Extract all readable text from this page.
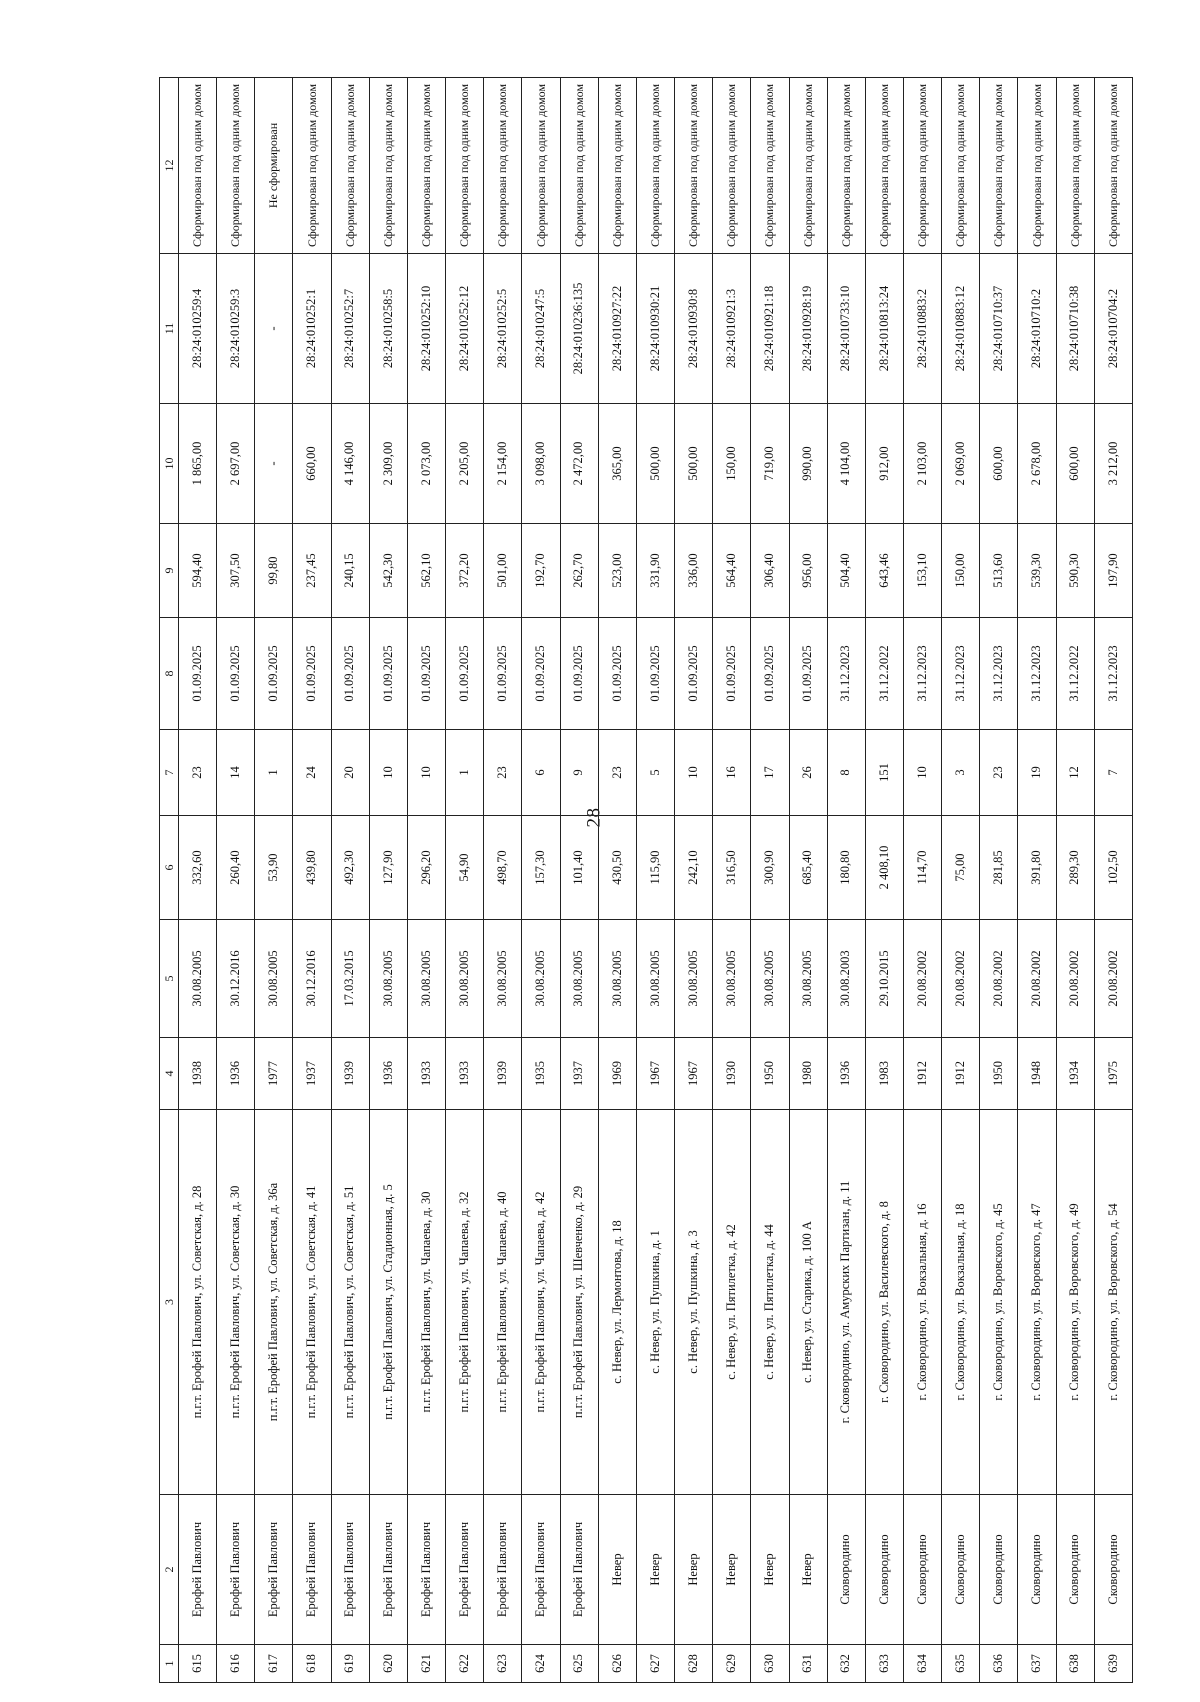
28
1	2	3	4	5	6	7	8	9	10	11	12
615	Ерофей Павлович	п.г.т. Ерофей Павлович, ул. Советская, д. 28	1938	30.08.2005	332,60	23	01.09.2025	594,40	1 865,00	28:24:010259:4	Сформирован под одним домом
616	Ерофей Павлович	п.г.т. Ерофей Павлович, ул. Советская, д. 30	1936	30.12.2016	260,40	14	01.09.2025	307,50	2 697,00	28:24:010259:3	Сформирован под одним домом
617	Ерофей Павлович	п.г.т. Ерофей Павлович, ул. Советская, д. 36а	1977	30.08.2005	53,90	1	01.09.2025	99,80	-	-	Не сформирован
618	Ерофей Павлович	п.г.т. Ерофей Павлович, ул. Советская, д. 41	1937	30.12.2016	439,80	24	01.09.2025	237,45	660,00	28:24:010252:1	Сформирован под одним домом
619	Ерофей Павлович	п.г.т. Ерофей Павлович, ул. Советская, д. 51	1939	17.03.2015	492,30	20	01.09.2025	240,15	4 146,00	28:24:010252:7	Сформирован под одним домом
620	Ерофей Павлович	п.г.т. Ерофей Павлович, ул. Стадионная, д. 5	1936	30.08.2005	127,90	10	01.09.2025	542,30	2 309,00	28:24:010258:5	Сформирован под одним домом
621	Ерофей Павлович	п.г.т. Ерофей Павлович, ул. Чапаева, д. 30	1933	30.08.2005	296,20	10	01.09.2025	562,10	2 073,00	28:24:010252:10	Сформирован под одним домом
622	Ерофей Павлович	п.г.т. Ерофей Павлович, ул. Чапаева, д. 32	1933	30.08.2005	54,90	1	01.09.2025	372,20	2 205,00	28:24:010252:12	Сформирован под одним домом
623	Ерофей Павлович	п.г.т. Ерофей Павлович, ул. Чапаева, д. 40	1939	30.08.2005	498,70	23	01.09.2025	501,00	2 154,00	28:24:010252:5	Сформирован под одним домом
624	Ерофей Павлович	п.г.т. Ерофей Павлович, ул. Чапаева, д. 42	1935	30.08.2005	157,30	6	01.09.2025	192,70	3 098,00	28:24:010247:5	Сформирован под одним домом
625	Ерофей Павлович	п.г.т. Ерофей Павлович, ул. Шевченко, д. 29	1937	30.08.2005	101,40	9	01.09.2025	262,70	2 472,00	28:24:010236:135	Сформирован под одним домом
626	Невер	с. Невер, ул. Лермонтова, д. 18	1969	30.08.2005	430,50	23	01.09.2025	523,00	365,00	28:24:010927:22	Сформирован под одним домом
627	Невер	с. Невер, ул. Пушкина, д. 1	1967	30.08.2005	115,90	5	01.09.2025	331,90	500,00	28:24:010930:21	Сформирован под одним домом
628	Невер	с. Невер, ул. Пушкина, д. 3	1967	30.08.2005	242,10	10	01.09.2025	336,00	500,00	28:24:010930:8	Сформирован под одним домом
629	Невер	с. Невер, ул. Пятилетка, д. 42	1930	30.08.2005	316,50	16	01.09.2025	564,40	150,00	28:24:010921:3	Сформирован под одним домом
630	Невер	с. Невер, ул. Пятилетка, д. 44	1950	30.08.2005	300,90	17	01.09.2025	306,40	719,00	28:24:010921:18	Сформирован под одним домом
631	Невер	с. Невер, ул. Старика, д. 100 А	1980	30.08.2005	685,40	26	01.09.2025	956,00	990,00	28:24:010928:19	Сформирован под одним домом
632	Сковородино	г. Сковородино, ул. Амурских Партизан, д. 11	1936	30.08.2003	180,80	8	31.12.2023	504,40	4 104,00	28:24:010733:10	Сформирован под одним домом
633	Сковородино	г. Сковородино, ул. Василевского, д. 8	1983	29.10.2015	2 408,10	151	31.12.2022	643,46	912,00	28:24:010813:24	Сформирован под одним домом
634	Сковородино	г. Сковородино, ул. Вокзальная, д. 16	1912	20.08.2002	114,70	10	31.12.2023	153,10	2 103,00	28:24:010883:2	Сформирован под одним домом
635	Сковородино	г. Сковородино, ул. Вокзальная, д. 18	1912	20.08.2002	75,00	3	31.12.2023	150,00	2 069,00	28:24:010883:12	Сформирован под одним домом
636	Сковородино	г. Сковородино, ул. Воровского, д. 45	1950	20.08.2002	281,85	23	31.12.2023	513,60	600,00	28:24:010710:37	Сформирован под одним домом
637	Сковородино	г. Сковородино, ул. Воровского, д. 47	1948	20.08.2002	391,80	19	31.12.2023	539,30	2 678,00	28:24:010710:2	Сформирован под одним домом
638	Сковородино	г. Сковородино, ул. Воровского, д. 49	1934	20.08.2002	289,30	12	31.12.2022	590,30	600,00	28:24:010710:38	Сформирован под одним домом
639	Сковородино	г. Сковородино, ул. Воровского, д. 54	1975	20.08.2002	102,50	7	31.12.2023	197,90	3 212,00	28:24:010704:2	Сформирован под одним домом
